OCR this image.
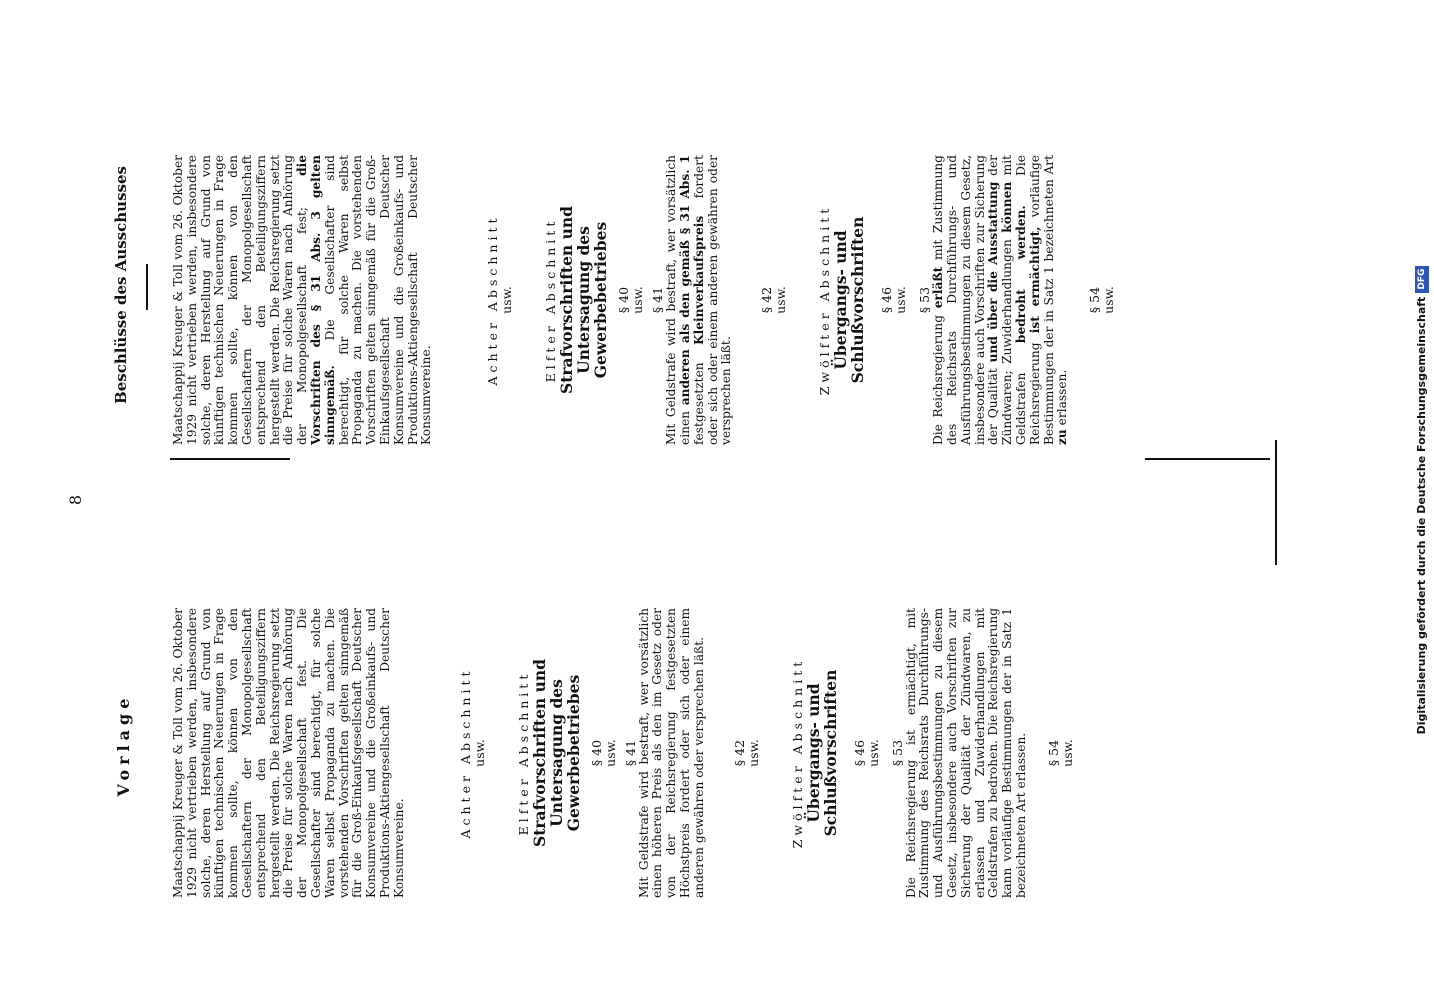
Digitalisierung gefördert durch die Deutsche ForschungsgemeinschaftDFG
8
Vorlage
Beschlüsse des Ausschusses

Maatschappij Kreuger & Toll vom 26. Oktober 1929 nicht vertrieben werden, insbesondere solche, deren Herstellung auf Grund von künftigen technischen Neuerungen in Frage kommen sollte, können von den Gesellschaftern der Monopolgesellschaft entsprechend den Beteiligungsziffern hergestellt werden. Die Reichsregierung setzt die Preise für solche Waren nach Anhörung der Monopolgesellschaft fest. Die Gesellschafter sind berechtigt, für solche Waren selbst Propaganda zu machen. Die vorstehenden Vorschriften gelten sinngemäß für die Groß-Einkaufsgesellschaft Deutscher Konsumvereine und die Großeinkaufs- und Produktions-Aktiengesellschaft Deutscher Konsumvereine.

Achter Abschnitt usw. Elfter Abschnitt Strafvorschriften und Untersagung des Gewerbebetriebes § 40 usw. § 41 Mit Geldstrafe wird bestraft, wer vorsätzlich einen höheren Preis als den im Gesetz oder von der Reichsregierung festgesetzten Höchstpreis fordert oder sich oder einem anderen gewähren oder versprechen läßt. § 42 usw. Zwölfter Abschnitt Übergangs- und Schlußvorschriften § 46 usw. § 53 Die Reichsregierung ist ermächtigt, mit Zustimmung des Reichsrats Durchführungs- und Ausführungsbestimmungen zu diesem Gesetz, insbesondere auch Vorschriften zur Sicherung der Qualität der Zündwaren, zu erlassen und Zuwiderhandlungen mit Geldstrafen zu bedrohen. Die Reichsregierung kann vorläufige Bestimmungen der in Satz 1 bezeichneten Art erlassen. § 54 usw.

Maatschappij Kreuger & Toll vom 26. Oktober 1929 nicht vertrieben werden, insbesondere solche, deren Herstellung auf Grund von künftigen technischen Neuerungen in Frage kommen sollte, können von den Gesellschaftern der Monopolgesellschaft entsprechend den Beteiligungsziffern hergestellt werden. Die Reichsregierung setzt die Preise für solche Waren nach Anhörung der Monopolgesellschaft fest; die Vorschriften des § 31 Abs. 3 gelten sinngemäß. Die Gesellschafter sind berechtigt, für solche Waren selbst Propaganda zu machen. Die vorstehenden Vorschriften gelten sinngemäß für die Groß-Einkaufsgesellschaft Deutscher Konsumvereine und die Großeinkaufs- und Produktions-Aktiengesellschaft Deutscher Konsumvereine.

Achter Abschnitt usw. Elfter Abschnitt Strafvorschriften und Untersagung des Gewerbebetriebes § 40 usw. § 41 Mit Geldstrafe wird bestraft, wer vorsätzlich einen anderen als den gemäß § 31 Abs. 1 festgesetzten Kleinverkaufspreis fordert oder sich oder einem anderen gewähren oder versprechen läßt.

§ 42 usw. Zwölfter Abschnitt Übergangs- und Schlußvorschriften § 46 usw. § 53

Die Reichsregierung erläßt mit Zustimmung des Reichsrats Durchführungs- und Ausführungsbestimmungen zu diesem Gesetz, insbesondere auch Vorschriften zur Sicherung der Qualität und über die Ausstattung der Zündwaren; Zuwiderhandlungen können mit Geldstrafen bedroht werden. Die Reichsregierung ist ermächtigt, vorläufige Bestimmungen der in Satz 1 bezeichneten Art zu erlassen.

§ 54 usw.
